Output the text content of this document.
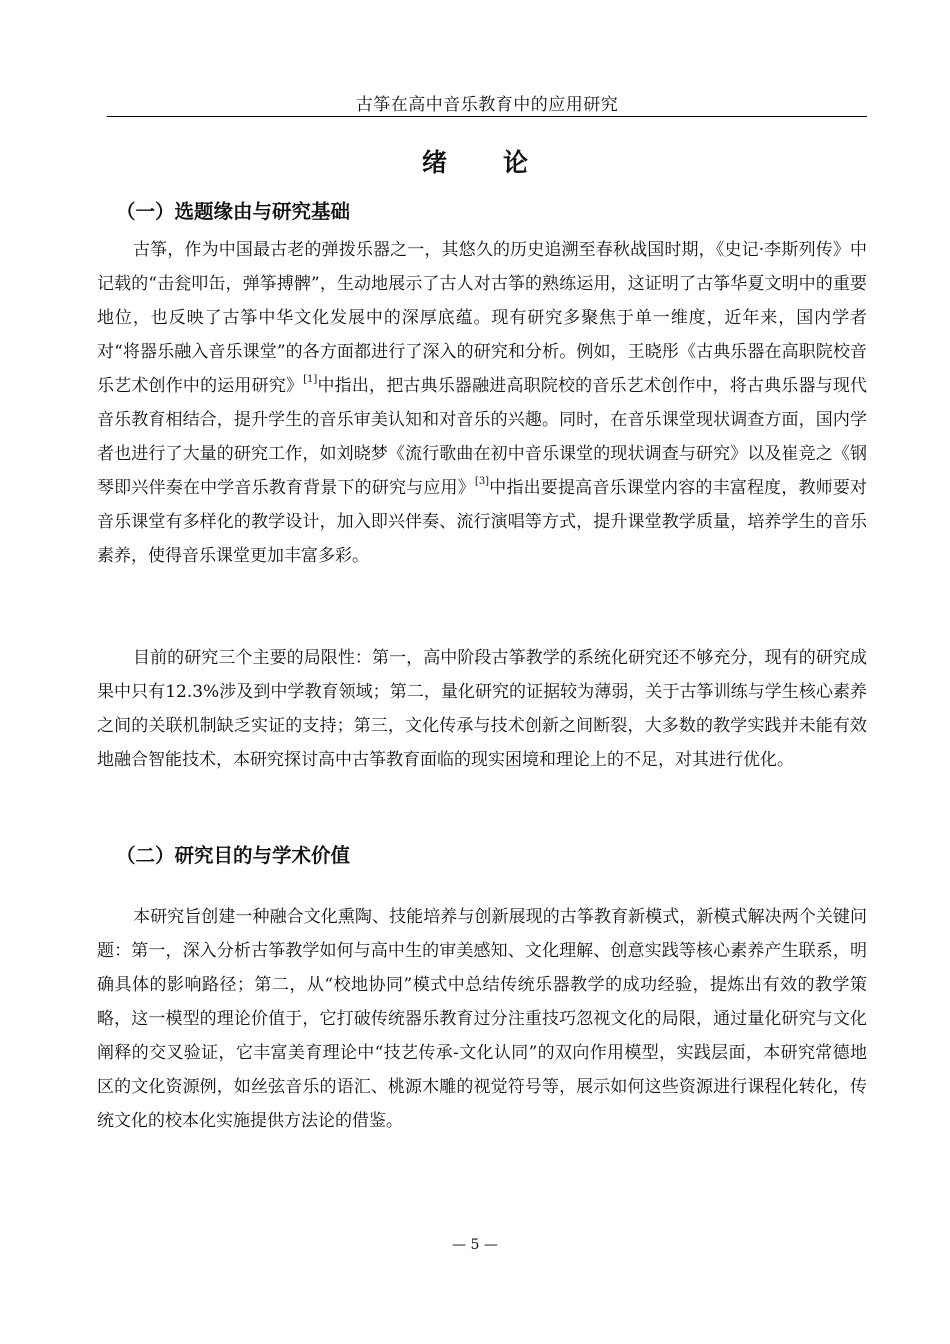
古筝在高中音乐教育中的应用研究
绪论
（一）选题缘由与研究基础

古筝，作为中国最古老的弹拨乐器之一，其悠久的历史追溯至春秋战国时期，《史记·李斯列传》中记载的“击瓮叩缶，弹筝搏髀”，生动地展示了古人对古筝的熟练运用，这证明了古筝华夏文明中的重要地位，也反映了古筝中华文化发展中的深厚底蕴。现有研究多聚焦于单一维度，近年来，国内学者对“将器乐融入音乐课堂”的各方面都进行了深入的研究和分析。例如，王晓彤《古典乐器在高职院校音乐艺术创作中的运用研究》[1]中指出，把古典乐器融进高职院校的音乐艺术创作中，将古典乐器与现代音乐教育相结合，提升学生的音乐审美认知和对音乐的兴趣。同时，在音乐课堂现状调查方面，国内学者也进行了大量的研究工作，如刘晓梦《流行歌曲在初中音乐课堂的现状调查与研究》以及崔竞之《钢琴即兴伴奏在中学音乐教育背景下的研究与应用》[3]中指出要提高音乐课堂内容的丰富程度，教师要对音乐课堂有多样化的教学设计，加入即兴伴奏、流行演唱等方式，提升课堂教学质量，培养学生的音乐素养，使得音乐课堂更加丰富多彩。

目前的研究三个主要的局限性：第一，高中阶段古筝教学的系统化研究还不够充分，现有的研究成果中只有12.3%涉及到中学教育领域；第二，量化研究的证据较为薄弱，关于古筝训练与学生核心素养之间的关联机制缺乏实证的支持；第三，文化传承与技术创新之间断裂，大多数的教学实践并未能有效地融合智能技术，本研究探讨高中古筝教育面临的现实困境和理论上的不足，对其进行优化。

（二）研究目的与学术价值

本研究旨创建一种融合文化熏陶、技能培养与创新展现的古筝教育新模式，新模式解决两个关键问题：第一，深入分析古筝教学如何与高中生的审美感知、文化理解、创意实践等核心素养产生联系，明确具体的影响路径；第二，从“校地协同”模式中总结传统乐器教学的成功经验，提炼出有效的教学策略，这一模型的理论价值于，它打破传统器乐教育过分注重技巧忽视文化的局限，通过量化研究与文化阐释的交叉验证，它丰富美育理论中“技艺传承-文化认同”的双向作用模型，实践层面，本研究常德地区的文化资源例，如丝弦音乐的语汇、桃源木雕的视觉符号等，展示如何这些资源进行课程化转化，传统文化的校本化实施提供方法论的借鉴。

— 5 —
